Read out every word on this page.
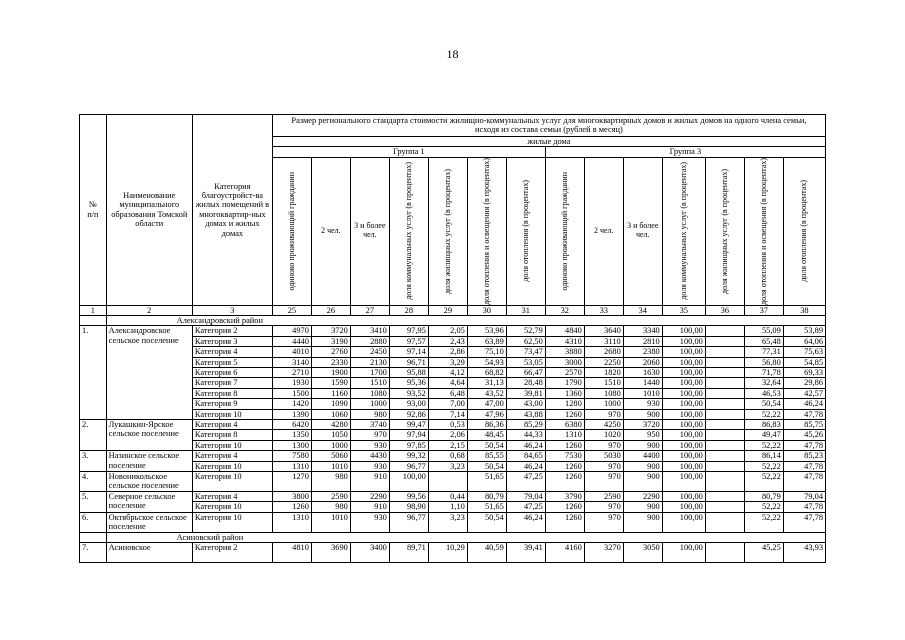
18
№
п/п	Наименование муниципального образования Томской области	Категория благоустройст-ва жилых помещений в многоквартир-ных домах и жилых домах	Размер регионального стандарта стоимости жилищно-коммунальных услуг для многоквартирных домов и жилых домов на одного члена семьи, исходя из состава семьи (рублей в месяц)													
			жилые дома													
			Группа 1							Группа 3						

			одиноко проживающий гражданин	2 чел.	3 и более чел.	доля коммунальных услуг (в процентах)	доля жилищных услуг (в процентах)	доля отопления и освещения (в процентах)	доля отопления (в процентах)	одиноко проживающий гражданин	2 чел.	3 и более чел.	доля коммунальных услуг (в процентах)	доля жилищных услуг (в процентах)	доля отопления и освещения (в процентах)	доля отопления (в процентах)

1	2	3	25	26	27	28	29	30	31	32	33	34	35	36	37	38
	Александровский район															
1.	Александровское сельское поселение	Категория 2	4970	3720	3410	97,95	2,05	53,96	52,79	4840	3640	3340	100,00		55,09	53,89
		Категория 3	4440	3190	2880	97,57	2,43	63,89	62,50	4310	3110	2810	100,00		65,48	64,06
		Категория 4	4010	2760	2450	97,14	2,86	75,10	73,47	3880	2680	2380	100,00		77,31	75,63
		Категория 5	3140	2330	2130	96,71	3,29	54,93	53,05	3000	2250	2060	100,00		56,80	54,85
		Категория 6	2710	1900	1700	95,88	4,12	68,82	66,47	2570	1820	1630	100,00		71,78	69,33
		Категория 7	1930	1590	1510	95,36	4,64	31,13	28,48	1790	1510	1440	100,00		32,64	29,86
		Категория 8	1500	1160	1080	93,52	6,48	43,52	39,81	1360	1080	1010	100,00		46,53	42,57
		Категория 9	1420	1090	1000	93,00	7,00	47,00	43,00	1280	1000	930	100,00		50,54	46,24
		Категория 10	1390	1060	980	92,86	7,14	47,96	43,88	1260	970	900	100,00		52,22	47,78
2.	Лукашкин-Ярское сельское поселение	Категория 4	6420	4280	3740	99,47	0,53	86,36	85,29	6380	4250	3720	100,00		86,83	85,75
		Категория 8	1350	1050	970	97,94	2,06	48,45	44,33	1310	1020	950	100,00		49,47	45,26
		Категория 10	1300	1000	930	97,85	2,15	50,54	46,24	1260	970	900	100,00		52,22	47,78
3.	Назинское сельское поселение	Категория 4	7580	5060	4430	99,32	0,68	85,55	84,65	7530	5030	4400	100,00		86,14	85,23
		Категория 10	1310	1010	930	96,77	3,23	50,54	46,24	1260	970	900	100,00		52,22	47,78
4.	Новоникольское сельское поселение	Категория 10	1270	980	910	100,00		51,65	47,25	1260	970	900	100,00		52,22	47,78
5.	Северное сельское поселение	Категория 4	3800	2590	2290	99,56	0,44	80,79	79,04	3790	2590	2290	100,00		80,79	79,04
		Категория 10	1260	980	910	98,90	1,10	51,65	47,25	1260	970	900	100,00		52,22	47,78
6.	Октябрьское сельское поселение	Категория 10	1310	1010	930	96,77	3,23	50,54	46,24	1260	970	900	100,00		52,22	47,78
	Асиновский район															
7.	Асиновское	Категория 2	4810	3690	3400	89,71	10,29	40,59	39,41	4160	3270	3050	100,00		45,25	43,93
